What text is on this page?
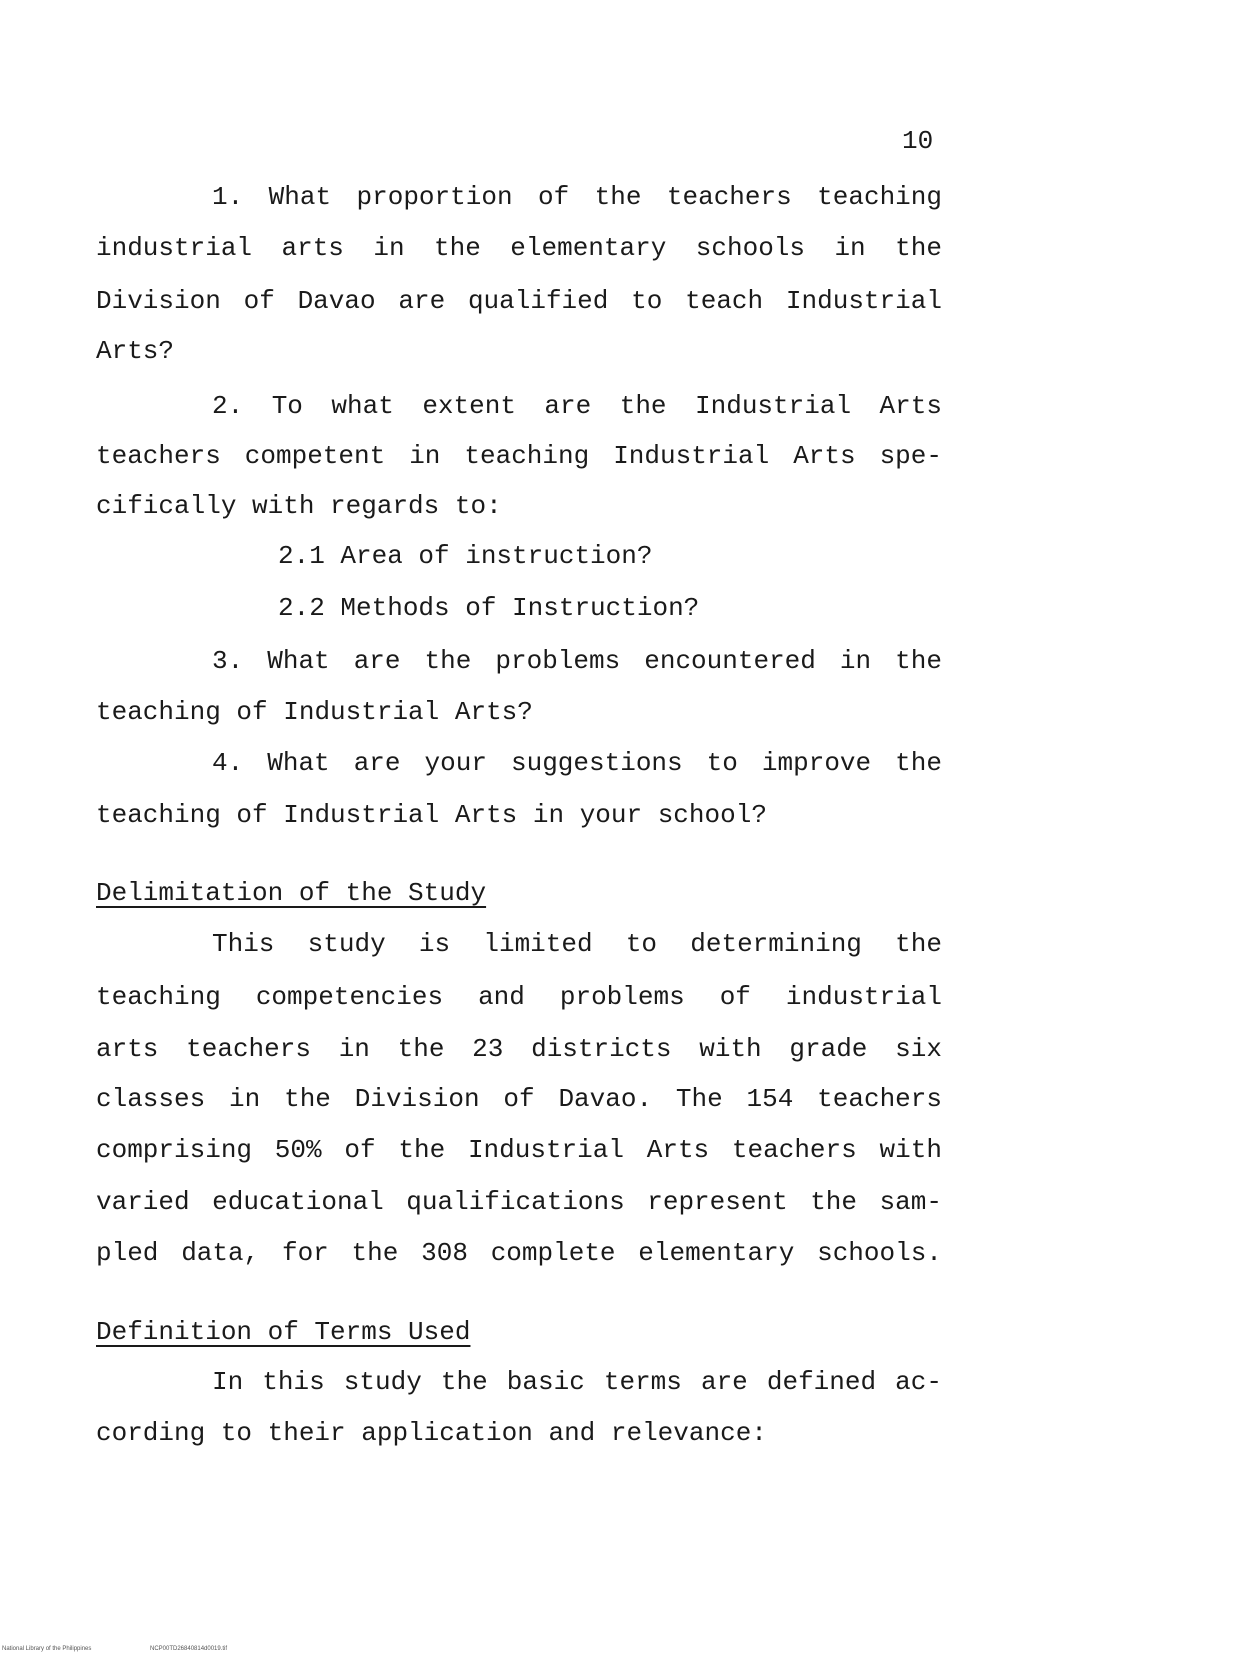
10
1. What proportion of the teachers teaching
industrial arts in the elementary schools in the
Division of Davao are qualified to teach Industrial
Arts?
2. To what extent are the Industrial Arts
teachers competent in teaching Industrial Arts spe-
cifically with regards to:
2.1 Area of instruction?
2.2 Methods of Instruction?
3. What are the problems encountered in the
teaching of Industrial Arts?
4. What are your suggestions to improve the
teaching of Industrial Arts in your school?
Delimitation of the Study
This study is limited to determining the
teaching competencies and problems of industrial
arts teachers in the 23 districts with grade six
classes in the Division of Davao. The 154 teachers
comprising 50% of the Industrial Arts teachers with
varied educational qualifications represent the sam-
pled data, for the 308 complete elementary schools.
Definition of Terms Used
In this study the basic terms are defined ac-
cording to their application and relevance:
National Library of the Philippines	NCP00TD26840814d0019.tif
